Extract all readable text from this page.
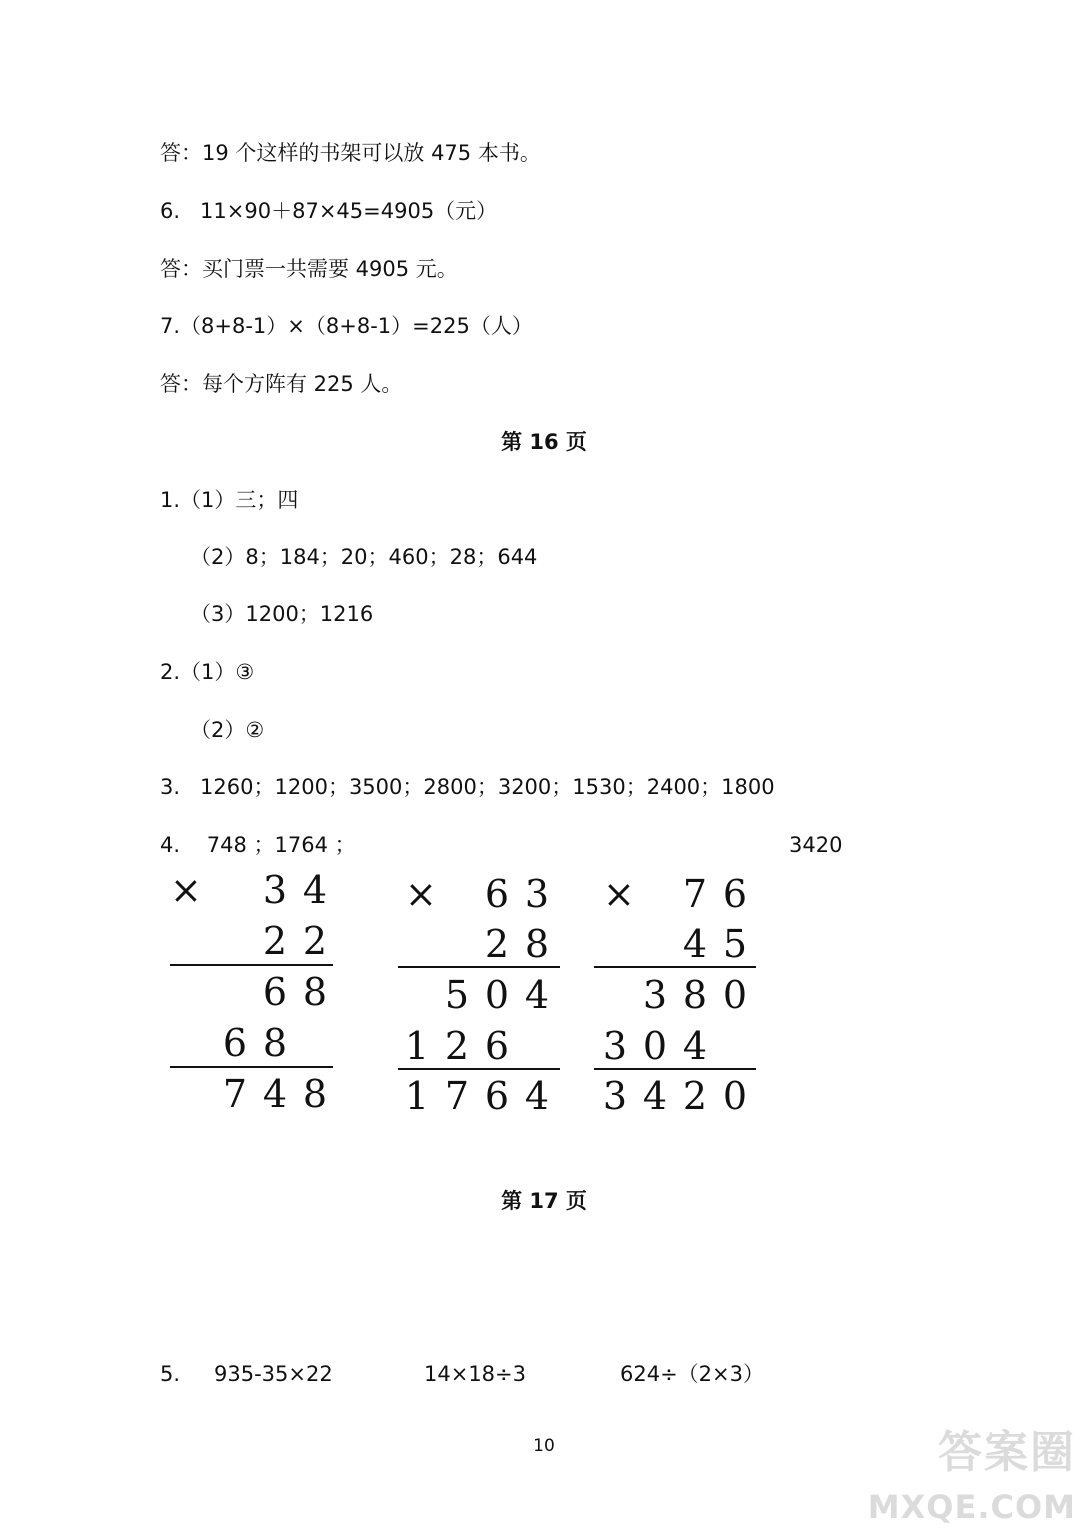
答：19 个这样的书架可以放 475 本书。
6.   11×90＋87×45=4905（元）
答：买门票一共需要 4905 元。
7.（8+8-1）×（8+8-1）=225（人）
答：每个方阵有 225 人。
第 16 页
1.（1）三；四
（2）8；184；20；460；28；644
（3）1200；1216
2.（1）③
（2）②
3.   1260；1200；3500；2800；3200；1530；2400；1800
4.    748 ；1764 ；	3420
× 3 4
2 2
6 8
6 8
7 4 8
× 6 3
2 8
5 0 4
1 2 6
1 7 6 4
× 7 6
4 5
3 8 0
3 0 4
3 4 2 0
第 17 页
5. 935-35×22	14×18÷3	624÷（2×3）
10	答案圈
MXQE.COM
